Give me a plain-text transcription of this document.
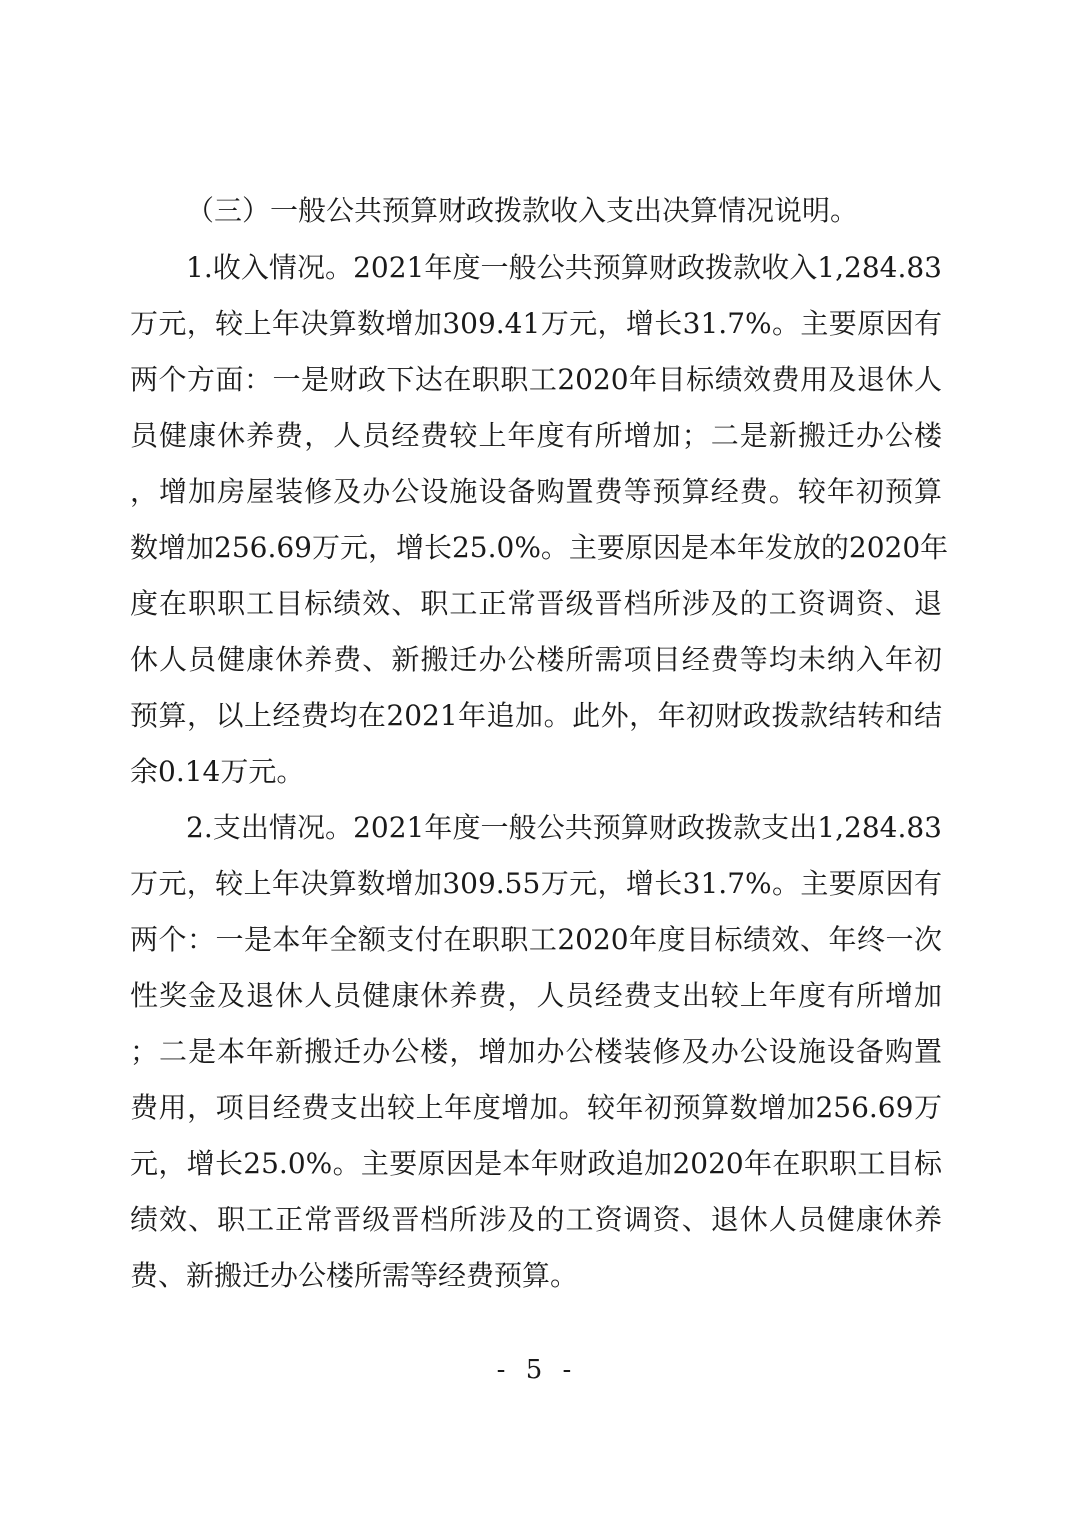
（三）一般公共预算财政拨款收入支出决算情况说明。
1.收入情况。2021年度一般公共预算财政拨款收入1,284.83
万元，较上年决算数增加309.41万元，增长31.7%。主要原因有
两个方面：一是财政下达在职职工2020年目标绩效费用及退休人
员健康休养费，人员经费较上年度有所增加；二是新搬迁办公楼
，增加房屋装修及办公设施设备购置费等预算经费。较年初预算
数增加256.69万元，增长25.0%。主要原因是本年发放的2020年
度在职职工目标绩效、职工正常晋级晋档所涉及的工资调资、退
休人员健康休养费、新搬迁办公楼所需项目经费等均未纳入年初
预算，以上经费均在2021年追加。此外，年初财政拨款结转和结
余0.14万元。
2.支出情况。2021年度一般公共预算财政拨款支出1,284.83
万元，较上年决算数增加309.55万元，增长31.7%。主要原因有
两个：一是本年全额支付在职职工2020年度目标绩效、年终一次
性奖金及退休人员健康休养费，人员经费支出较上年度有所增加
；二是本年新搬迁办公楼，增加办公楼装修及办公设施设备购置
费用，项目经费支出较上年度增加。较年初预算数增加256.69万
元，增长25.0%。主要原因是本年财政追加2020年在职职工目标
绩效、职工正常晋级晋档所涉及的工资调资、退休人员健康休养
费、新搬迁办公楼所需等经费预算。
- 5 -
